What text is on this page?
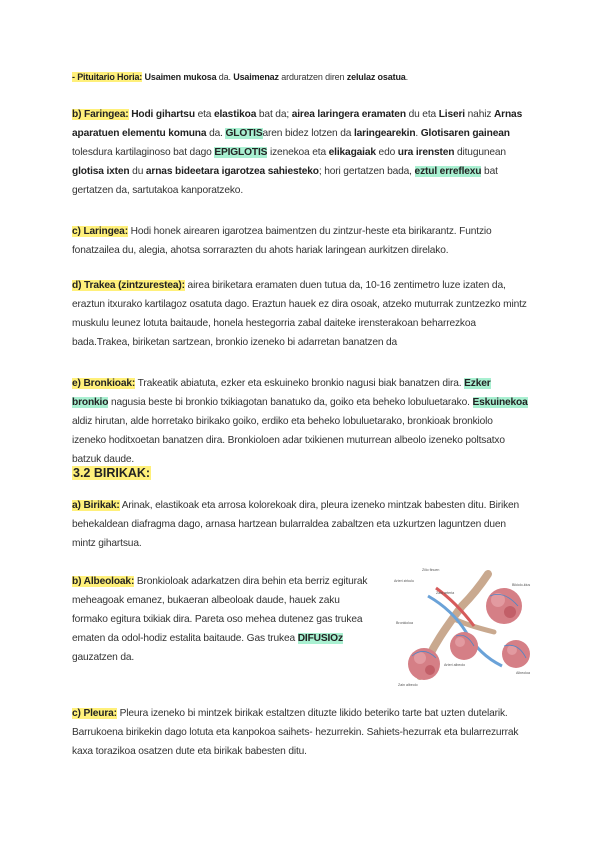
- Pituitario Horia: Usaimen mukosa da. Usaimenaz arduratzen diren zelulaz osatua.
b) Faringea: Hodi gihartsu eta elastikoa bat da; airea laringera eramaten du eta Liseri nahiz Arnas aparatuen elementu komuna da. GLOTISaren bidez lotzen da laringearekin. Glotisaren gainean tolesdura kartilaginoso bat dago EPIGLOTIS izenekoa eta elikagaiak edo ura irensten ditugunean glotisa ixten du arnas bideetara igarotzea sahiesteko; hori gertatzen bada, eztul erreflexu bat gertatzen da, sartutakoa kanporatzeko.
c) Laringea: Hodi honek airearen igarotzea baimentzen du zintzur-heste eta birikarantz. Funtzio fonatzailea du, alegia, ahotsa sorrarazten du ahots hariak laringean aurkitzen direlako.
d) Trakea (zintzurestea): airea biriketara eramaten duen tutua da, 10-16 zentimetro luze izaten da, eraztun itxurako kartilagoz osatuta dago. Eraztun hauek ez dira osoak, atzeko muturrak zuntzezko mintz muskulu leunez lotuta baitaude, honela hestegorria zabal daiteke irensterakoan beharrezkoa bada.Trakea, biriketan sartzean, bronkio izeneko bi adarretan banatzen da
e) Bronkioak: Trakeatik abiatuta, ezker eta eskuineko bronkio nagusi biak banatzen dira. Ezker bronkio nagusia beste bi bronkio txikiagotan banatuko da, goiko eta beheko lobuluetarako. Eskuinekoa aldiz hirutan, alde horretako birikako goiko, erdiko eta beheko lobuluetarako, bronkioak bronkiolo izeneko hoditxoetan banatzen dira. Bronkioloen adar txikienen muturrean albeolo izeneko poltsatxo batzuk daude.
3.2 BIRIKAK:
a) Birikak: Arinak, elastikoak eta arrosa kolorekoak dira, pleura izeneko mintzak babesten ditu. Biriken behekaldean diafragma dago, arnasa hartzean bularraldea zabaltzen eta uzkurtzen laguntzen duen mintz gihartsua.
b) Albeoloak: Bronkioloak adarkatzen dira behin eta berriz egiturak meheagoak emanez, bukaeran albeoloak daude, hauek zaku formako egitura txikiak dira. Pareta oso mehea dutenez gas trukea ematen da odol-hodiz estalita baitaude. Gas trukea DIFUSIOz gauzatzen da.
Zilio finuen
Arteri zirkulu
Zain arteria
Bronkioloa
Bikiolo-klus
Zain albeolo
Arteri albeolo
Albeoloa
c) Pleura: Pleura izeneko bi mintzek birikak estaltzen dituzte likido beteriko tarte bat uzten dutelarik. Barrukoena birikekin dago lotuta eta kanpokoa saihets- hezurrekin. Sahiets-hezurrak eta bularrezurrak kaxa torazikoa osatzen dute eta birikak babesten ditu.
